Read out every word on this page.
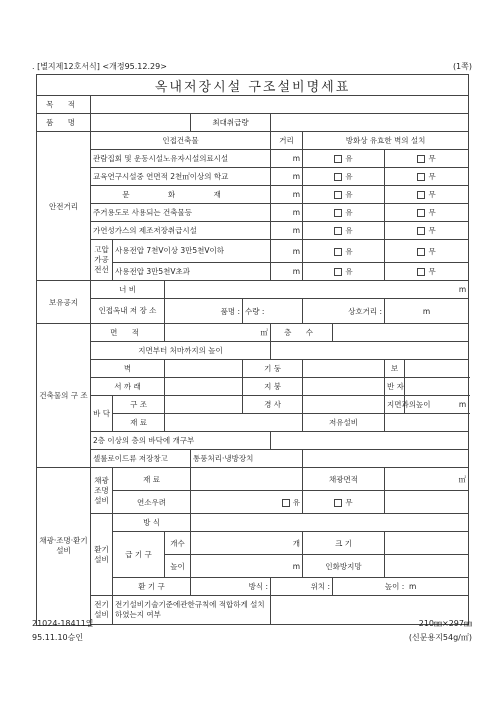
. [별지제12호서식] <개정95.12.29>	(1쪽)
옥내저장시설 구조설비명세표										
목 적										
품 명				최대취급량						
안전거리	인접건축물					거리	방화상 유효한 벽의 설치			
	관람집회 및 운동시설노유자시설의료시설					m	유		무	
	교육연구시설중 연면적 2천㎡이상의 학교					m	유		무	
	문 화 재					m	유		무	
	주거용도로 사용되는 건축물등					m	유		무	
	가연성가스의 제조저장취급시설					m	유		무	
	고압 가공 전선	사용전압 7천V이상 3만5천V이하				m	유		무	
		사용전압 3만5천V초과				m	유		무	
보유공지	너 비		m							
	인접옥내 저 장 소		품명 :		수량 :		상호거리 :		m	
건축물의 구 조	면 적		㎡			층 수				
	지면부터 처마까지의 높이									
	벽				기 둥				보	
	서 까 래				지 붕				반 자	
	바 닥	구 조			경 사				지면과의높이	m
		재 료					저유설비			
	2층 이상의 층의 바닥에 개구부									
	셀룰로이드류 저장창고			통풍처리·냉방장치						
채광·조명·환기 설비	채광 조명 설비	재 료					채광면적		㎡	
		연소우려		유			무			
	환기 설비	방 식								
		급 기 구	개수	개			크 기			
			높이	m			인화방지망			
		환 기 구		방식 :		위치 :		높이 : m		
	전기 설비	전기설비기술기준에관한규칙에 적합하게 설치하였는지 여부								

21024-18411일	210㎜×297㎜
95.11.10승인	(신문용지54g/㎡)
